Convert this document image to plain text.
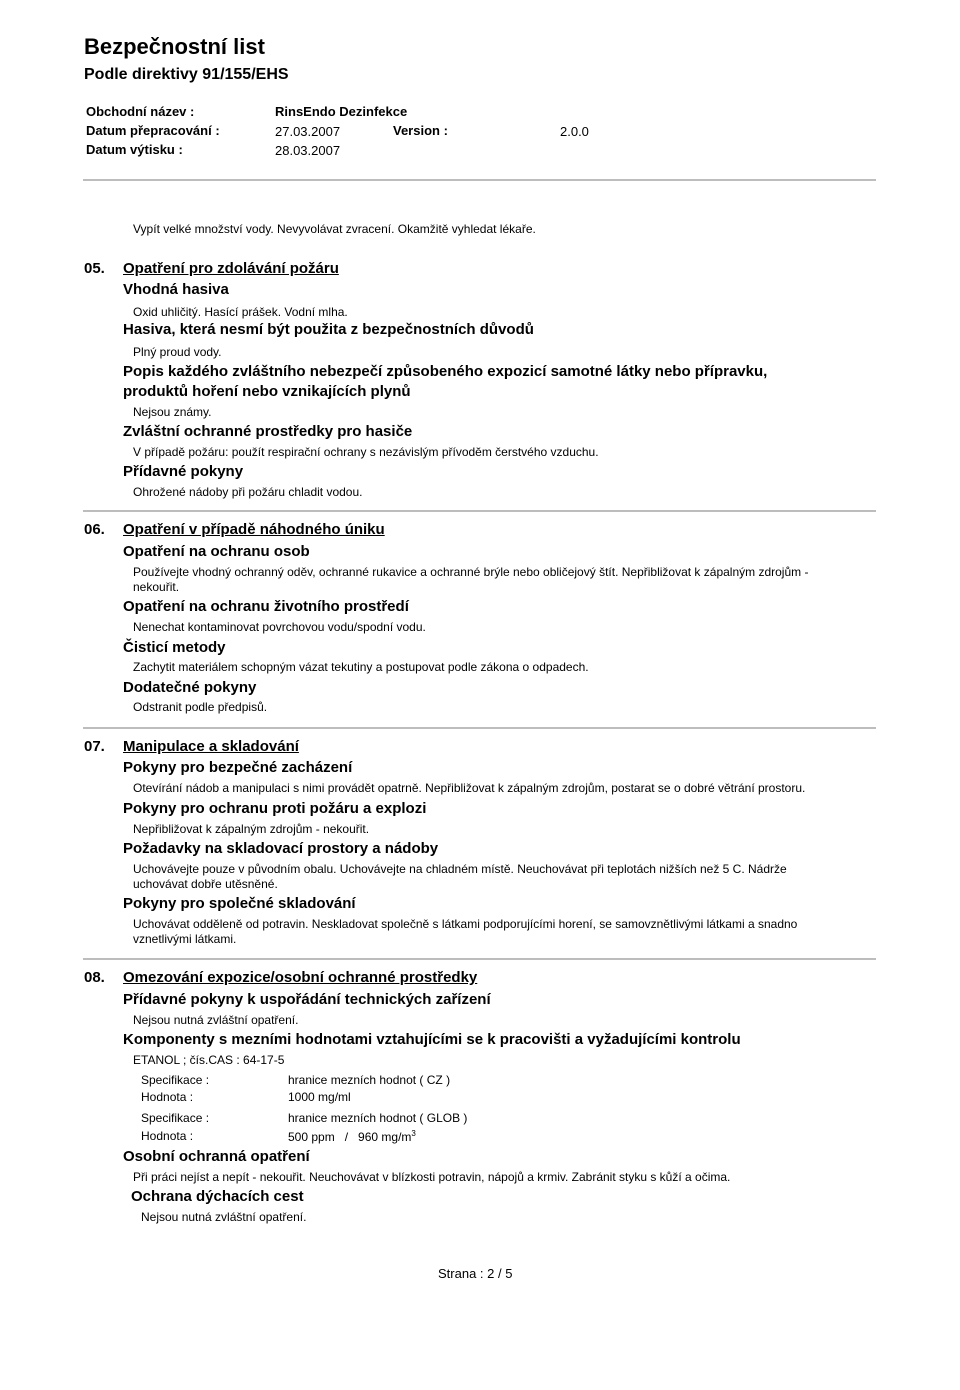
Bezpečnostní list
Podle direktivy 91/155/EHS
Obchodní název :	RinsEndo Dezinfekce
Datum přepracování :	27.03.2007	Version :	2.0.0
Datum výtisku :	28.03.2007
Vypít velké množství vody. Nevyvolávat zvracení. Okamžitě vyhledat lékaře.
05. Opatření pro zdolávání požáru
Vhodná hasiva
Oxid uhličitý. Hasící prášek. Vodní mlha.
Hasiva, která nesmí být použita z bezpečnostních důvodů
Plný proud vody.
Popis každého zvláštního nebezpečí způsobeného expozicí samotné látky nebo přípravku,
produktů hoření nebo vznikajících plynů
Nejsou známy.
Zvláštní ochranné prostředky pro hasiče
V případě požáru: použít respirační ochrany s nezávislým přívodĕm čerstvého vzduchu.
Přídavné pokyny
Ohrožené nádoby při požáru chladit vodou.
06. Opatření v případě náhodného úniku
Opatření na ochranu osob
Používejte vhodný ochranný oděv, ochranné rukavice a ochranné brýle nebo obličejový štít. Nepřibližovat k zápalným zdrojům -
nekouřit.
Opatření na ochranu životního prostředí
Nenechat kontaminovat povrchovou vodu/spodní vodu.
Čisticí metody
Zachytit materiálem schopným vázat tekutiny a postupovat podle zákona o odpadech.
Dodatečné pokyny
Odstranit podle předpisů.
07. Manipulace a skladování
Pokyny pro bezpečné zacházení
Otevírání nádob a manipulaci s nimi provádět opatrně. Nepřibližovat k zápalným zdrojům, postarat se o dobré větrání prostoru.
Pokyny pro ochranu proti požáru a explozi
Nepřibližovat k zápalným zdrojům - nekouřit.
Požadavky na skladovací prostory a nádoby
Uchovávejte pouze v původním obalu. Uchovávejte na chladném místě. Neuchovávat při teplotách nižších než 5 C. Nádrže
uchovávat dobře utěsněné.
Pokyny pro společné skladování
Uchovávat odděleně od potravin. Neskladovat společně s látkami podporujícími horení, se samovznětlivými látkami a snadno
vznetlivými látkami.
08. Omezování expozice/osobní ochranné prostředky
Přídavné pokyny k uspořádání technických zařízení
Nejsou nutná zvláštní opatření.
Komponenty s mezními hodnotami vztahujícími se k pracovišti a vyžadujícími kontrolu
ETANOL ; čís.CAS : 64-17-5
Specifikace :	hranice mezních hodnot ( CZ )
Hodnota :	1000 mg/ml
Specifikace :	hranice mezních hodnot ( GLOB )
Hodnota :	500 ppm   /   960 $mg/m^3$
Osobní ochranná opatření
Při práci nejíst a nepít - nekouřit. Neuchovávat v blízkosti potravin, nápojů a krmiv. Zabránit styku s kůží a očima.
Ochrana dýchacích cest
Nejsou nutná zvláštní opatření.
Strana : 2 / 5
